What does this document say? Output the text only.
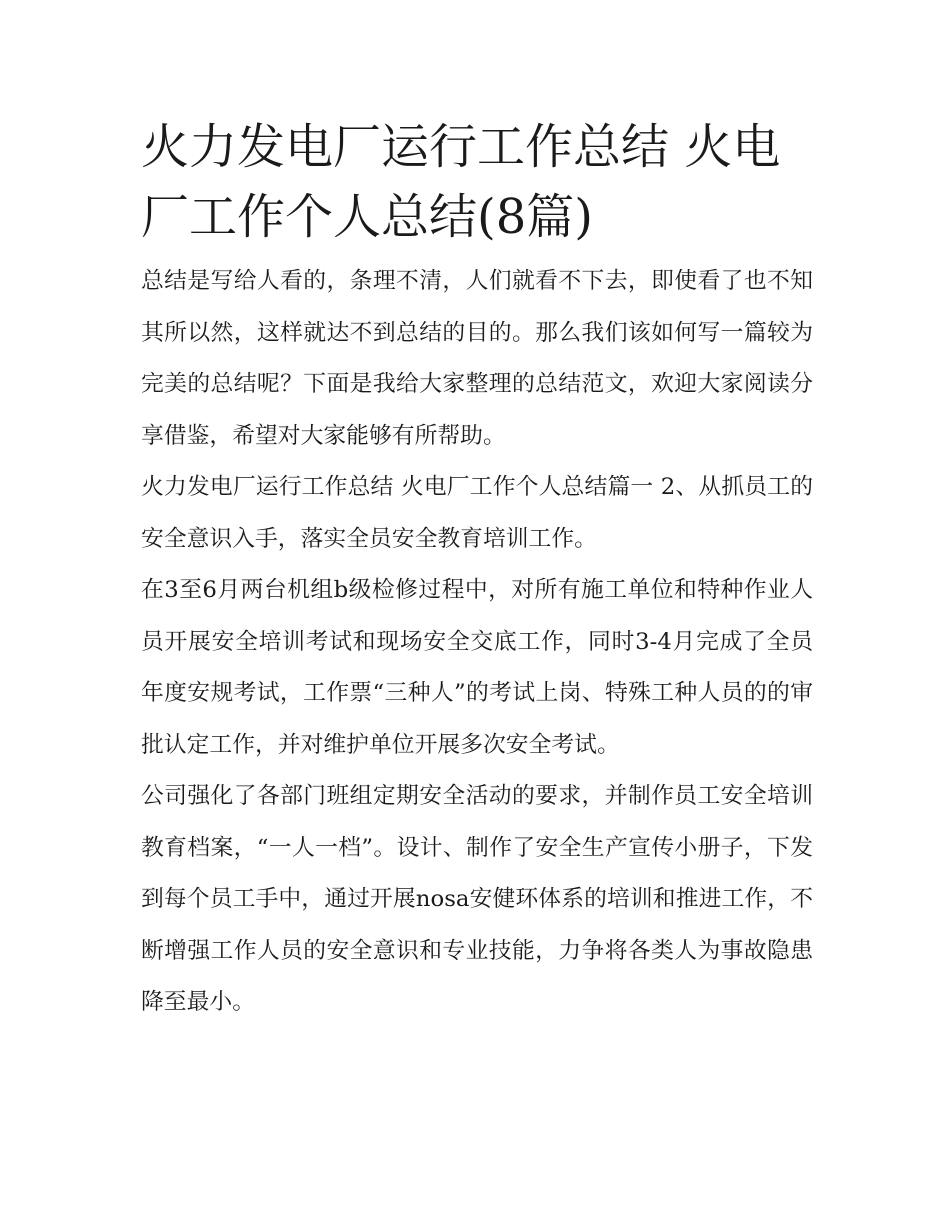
火力发电厂运行工作总结 火电厂工作个人总结(8篇)

总结是写给人看的，条理不清，人们就看不下去，即使看了也不知其所以然，这样就达不到总结的目的。那么我们该如何写一篇较为完美的总结呢？下面是我给大家整理的总结范文，欢迎大家阅读分享借鉴，希望对大家能够有所帮助。

火力发电厂运行工作总结 火电厂工作个人总结篇一 2、从抓员工的安全意识入手，落实全员安全教育培训工作。

在3至6月两台机组b级检修过程中，对所有施工单位和特种作业人员开展安全培训考试和现场安全交底工作，同时3-4月完成了全员年度安规考试，工作票“三种人”的考试上岗、特殊工种人员的的审批认定工作，并对维护单位开展多次安全考试。

公司强化了各部门班组定期安全活动的要求，并制作员工安全培训教育档案，“一人一档”。设计、制作了安全生产宣传小册子，下发到每个员工手中，通过开展nosa安健环体系的培训和推进工作，不断增强工作人员的安全意识和专业技能，力争将各类人为事故隐患降至最小。
